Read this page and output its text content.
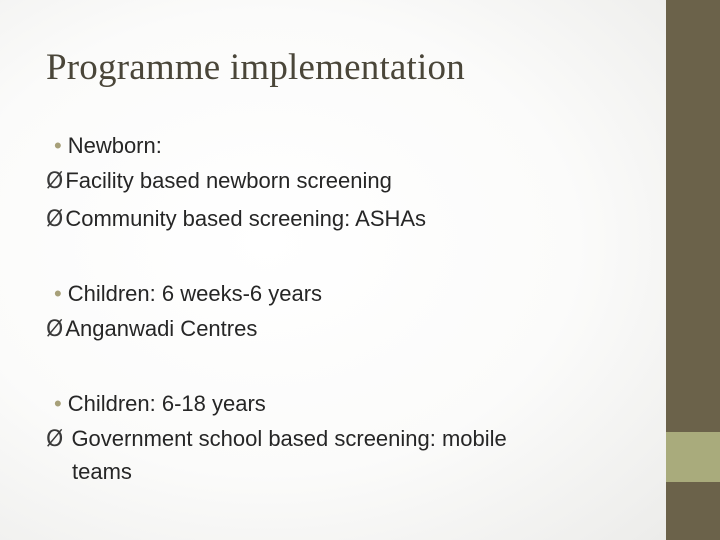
Programme implementation
• Newborn:
ØFacility based newborn screening
ØCommunity based screening: ASHAs
• Children: 6 weeks-6 years
ØAnganwadi Centres
• Children: 6-18 years
Ø Government school based screening: mobile
teams
